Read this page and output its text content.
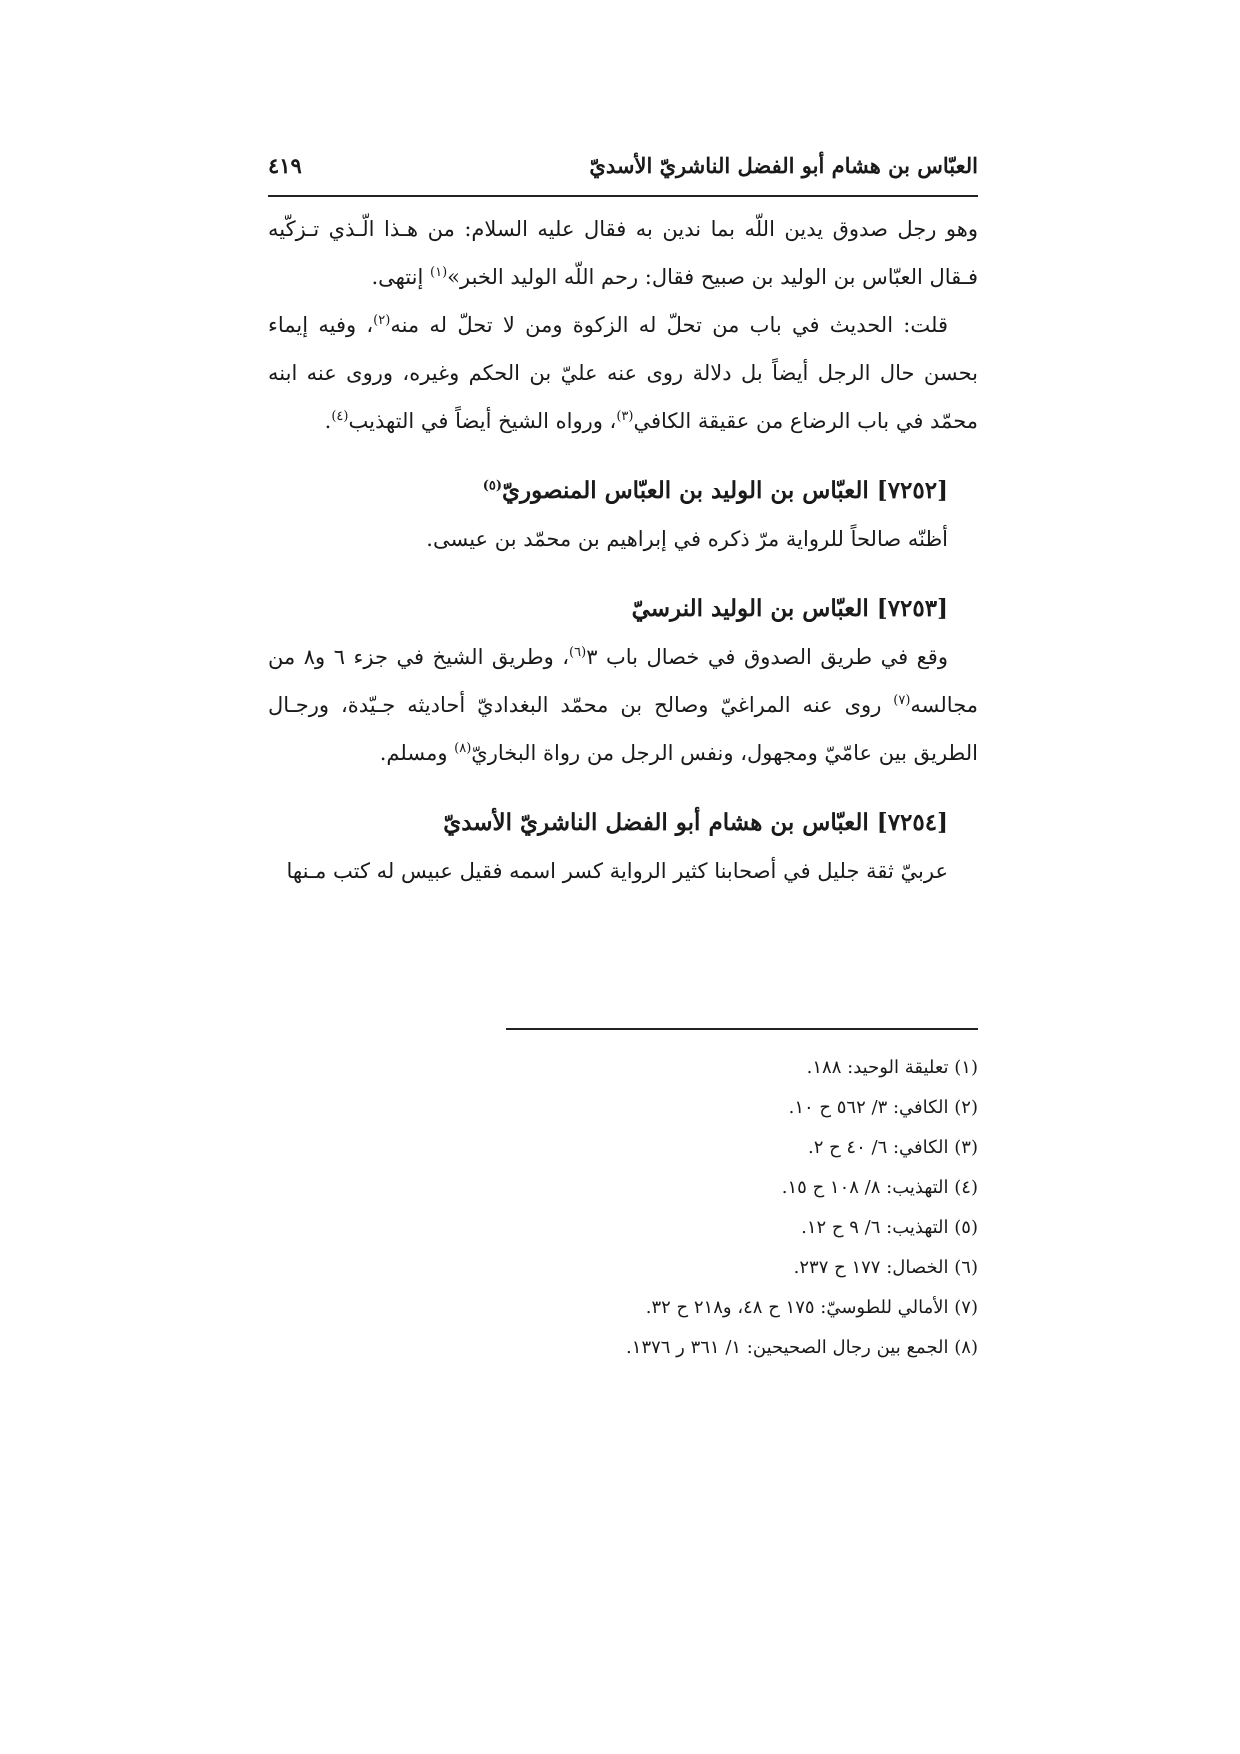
العبّاس بن هشام أبو الفضل الناشريّ الأسديّ
٤١٩

وهو رجل صدوق يدين اللّه بما ندين به فقال عليه السلام: من هـذا الّـذي تـزكّيه فـقال العبّاس بن الوليد بن صبيح فقال: رحم اللّه الوليد الخبر»$^{(١)}$ إنتهى.

قلت: الحديث في باب من تحلّ له الزكوة ومن لا تحلّ له منه$^{(٢)}$، وفيه إيماء بحسن حال الرجل أيضاً بل دلالة روى عنه عليّ بن الحكم وغيره، وروى عنه ابنه محمّد في باب الرضاع من عقيقة الكافي$^{(٣)}$، ورواه الشيخ أيضاً في التهذيب$^{(٤)}$.

[٧٢٥٢] العبّاس بن الوليد بن العبّاس المنصوريّ$^{(٥)}$

أظنّه صالحاً للرواية مرّ ذكره في إبراهيم بن محمّد بن عيسى.

[٧٢٥٣] العبّاس بن الوليد النرسيّ

وقع في طريق الصدوق في خصال باب ٣$^{(٦)}$، وطريق الشيخ في جزء ٦ و٨ من مجالسه$^{(٧)}$ روى عنه المراغيّ وصالح بن محمّد البغداديّ أحاديثه جـيّدة، ورجـال الطريق بين عامّيّ ومجهول، ونفس الرجل من رواة البخاريّ$^{(٨)}$ ومسلم.

[٧٢٥٤] العبّاس بن هشام أبو الفضل الناشريّ الأسديّ

عربيّ ثقة جليل في أصحابنا كثير الرواية كسر اسمه فقيل عبيس له كتب مـنها

(١) تعليقة الوحيد: ١٨٨.
(٢) الكافي: ٣/ ٥٦٢ ح ١٠.
(٣) الكافي: ٦/ ٤٠ ح ٢.
(٤) التهذيب: ٨/ ١٠٨ ح ١٥.
(٥) التهذيب: ٦/ ٩ ح ١٢.
(٦) الخصال: ١٧٧ ح ٢٣٧.
(٧) الأمالي للطوسيّ: ١٧٥ ح ٤٨، و٢١٨ ح ٣٢.
(٨) الجمع بين رجال الصحيحين: ١/ ٣٦١ ر ١٣٧٦.
